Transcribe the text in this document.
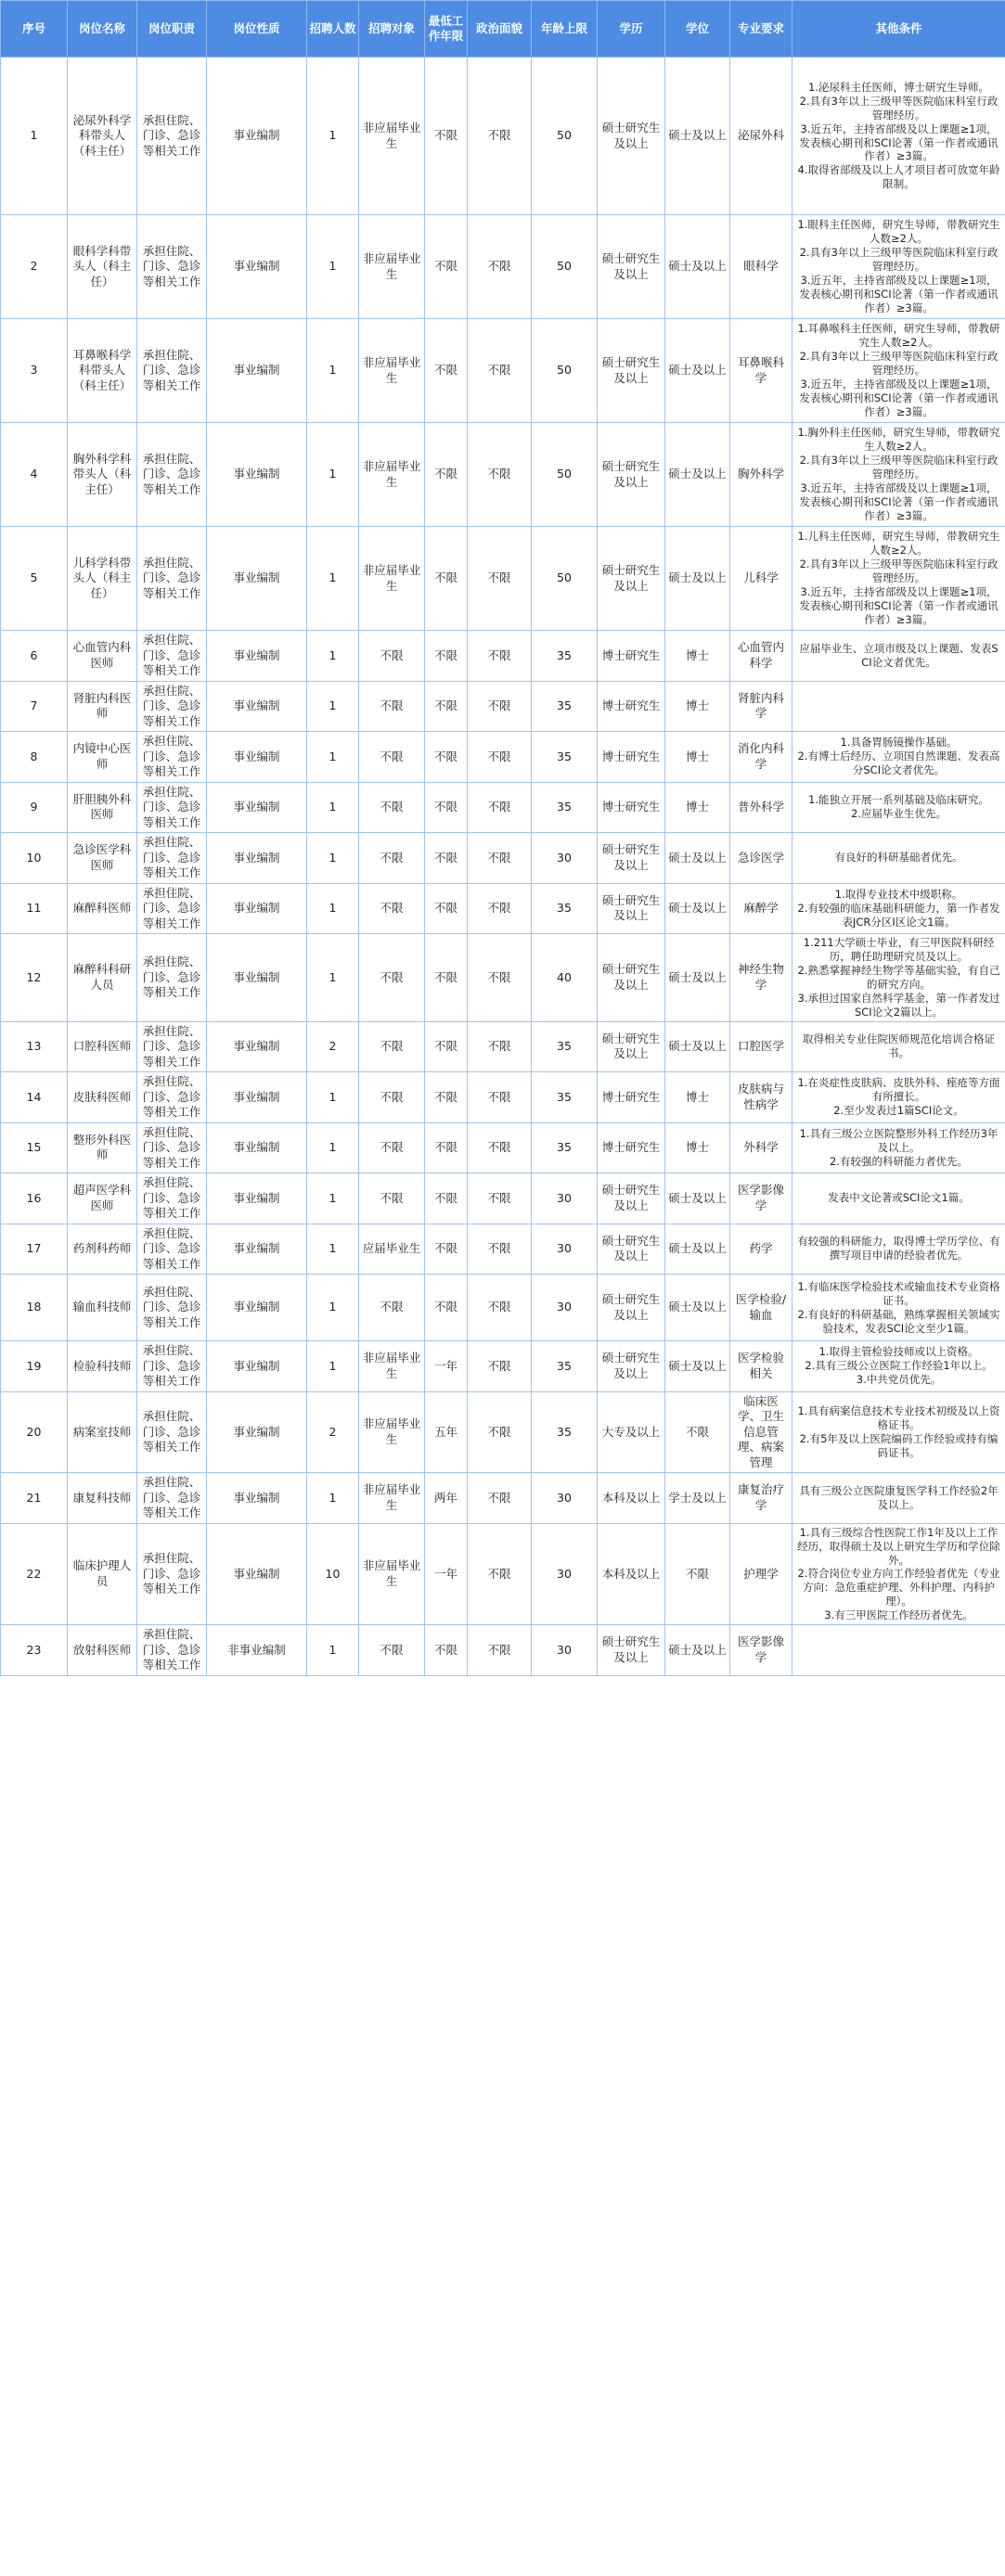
序号	岗位名称	岗位职责	岗位性质	招聘人数	招聘对象	最低工作年限	政治面貌	年龄上限	学历	学位	专业要求	其他条件
1	泌尿外科学科带头人（科主任）	承担住院、门诊、急诊等相关工作	事业编制	1	非应届毕业生	不限	不限	50	硕士研究生及以上	硕士及以上	泌尿外科	1.泌尿科主任医师，博士研究生导师。
2.具有3年以上三级甲等医院临床科室行政管理经历。
3.近五年，主持省部级及以上课题≥1项，发表核心期刊和SCI论著（第一作者或通讯作者）≥3篇。
4.取得省部级及以上人才项目者可放宽年龄限制。

2	眼科学科带头人（科主任）	承担住院、门诊、急诊等相关工作	事业编制	1	非应届毕业生	不限	不限	50	硕士研究生及以上	硕士及以上	眼科学	1.眼科主任医师，研究生导师，带教研究生人数≥2人。
2.具有3年以上三级甲等医院临床科室行政管理经历。
3.近五年，主持省部级及以上课题≥1项，发表核心期刊和SCI论著（第一作者或通讯作者）≥3篇。

3	耳鼻喉科学科带头人（科主任）	承担住院、门诊、急诊等相关工作	事业编制	1	非应届毕业生	不限	不限	50	硕士研究生及以上	硕士及以上	耳鼻喉科学	1.耳鼻喉科主任医师，研究生导师，带教研究生人数≥2人。
2.具有3年以上三级甲等医院临床科室行政管理经历。
3.近五年，主持省部级及以上课题≥1项，发表核心期刊和SCI论著（第一作者或通讯作者）≥3篇。

4	胸外科学科带头人（科主任）	承担住院、门诊、急诊等相关工作	事业编制	1	非应届毕业生	不限	不限	50	硕士研究生及以上	硕士及以上	胸外科学	1.胸外科主任医师，研究生导师，带教研究生人数≥2人。
2.具有3年以上三级甲等医院临床科室行政管理经历。
3.近五年，主持省部级及以上课题≥1项，发表核心期刊和SCI论著（第一作者或通讯作者）≥3篇。

5	儿科学科带头人（科主任）	承担住院、门诊、急诊等相关工作	事业编制	1	非应届毕业生	不限	不限	50	硕士研究生及以上	硕士及以上	儿科学	1.儿科主任医师，研究生导师，带教研究生人数≥2人。
2.具有3年以上三级甲等医院临床科室行政管理经历。
3.近五年，主持省部级及以上课题≥1项，发表核心期刊和SCI论著（第一作者或通讯作者）≥3篇。

6	心血管内科医师	承担住院、门诊、急诊等相关工作	事业编制	1	不限	不限	不限	35	博士研究生	博士	心血管内科学	应届毕业生、立项市级及以上课题、发表SCI论文者优先。

7	肾脏内科医师	承担住院、门诊、急诊等相关工作	事业编制	1	不限	不限	不限	35	博士研究生	博士	肾脏内科学	
8	内镜中心医师	承担住院、门诊、急诊等相关工作	事业编制	1	不限	不限	不限	35	博士研究生	博士	消化内科学	1.具备胃肠镜操作基础。
2.有博士后经历、立项国自然课题、发表高分SCI论文者优先。

9	肝胆胰外科医师	承担住院、门诊、急诊等相关工作	事业编制	1	不限	不限	不限	35	博士研究生	博士	普外科学	1.能独立开展一系列基础及临床研究。
2.应届毕业生优先。

10	急诊医学科医师	承担住院、门诊、急诊等相关工作	事业编制	1	不限	不限	不限	30	硕士研究生及以上	硕士及以上	急诊医学	有良好的科研基础者优先。

11	麻醉科医师	承担住院、门诊、急诊等相关工作	事业编制	1	不限	不限	不限	35	硕士研究生及以上	硕士及以上	麻醉学	1.取得专业技术中级职称。
2.有较强的临床基础科研能力，第一作者发表JCR分区Ⅰ区论文1篇。

12	麻醉科科研人员	承担住院、门诊、急诊等相关工作	事业编制	1	不限	不限	不限	40	硕士研究生及以上	硕士及以上	神经生物学	1.211大学硕士毕业，有三甲医院科研经历，聘任助理研究员及以上。
2.熟悉掌握神经生物学等基础实验，有自己的研究方向。
3.承担过国家自然科学基金，第一作者发过SCI论文2篇以上。

13	口腔科医师	承担住院、门诊、急诊等相关工作	事业编制	2	不限	不限	不限	35	硕士研究生及以上	硕士及以上	口腔医学	取得相关专业住院医师规范化培训合格证书。

14	皮肤科医师	承担住院、门诊、急诊等相关工作	事业编制	1	不限	不限	不限	35	博士研究生	博士	皮肤病与性病学	1.在炎症性皮肤病、皮肤外科、痤疮等方面有所擅长。
2.至少发表过1篇SCI论文。

15	整形外科医师	承担住院、门诊、急诊等相关工作	事业编制	1	不限	不限	不限	35	博士研究生	博士	外科学	1.具有三级公立医院整形外科工作经历3年及以上。
2.有较强的科研能力者优先。

16	超声医学科医师	承担住院、门诊、急诊等相关工作	事业编制	1	不限	不限	不限	30	硕士研究生及以上	硕士及以上	医学影像学	发表中文论著或SCI论文1篇。

17	药剂科药师	承担住院、门诊、急诊等相关工作	事业编制	1	应届毕业生	不限	不限	30	硕士研究生及以上	硕士及以上	药学	有较强的科研能力，取得博士学历学位、有撰写项目申请的经验者优先。

18	输血科技师	承担住院、门诊、急诊等相关工作	事业编制	1	不限	不限	不限	30	硕士研究生及以上	硕士及以上	医学检验/输血	1.有临床医学检验技术或输血技术专业资格证书。
2.有良好的科研基础，熟练掌握相关领域实验技术，发表SCI论文至少1篇。

19	检验科技师	承担住院、门诊、急诊等相关工作	事业编制	1	非应届毕业生	一年	不限	35	硕士研究生及以上	硕士及以上	医学检验相关	1.取得主管检验技师或以上资格。
2.具有三级公立医院工作经验1年以上。
3.中共党员优先。

20	病案室技师	承担住院、门诊、急诊等相关工作	事业编制	2	非应届毕业生	五年	不限	35	大专及以上	不限	临床医学、卫生信息管理、病案管理	1.具有病案信息技术专业技术初级及以上资格证书。
2.有5年及以上医院编码工作经验或持有编码证书。

21	康复科技师	承担住院、门诊、急诊等相关工作	事业编制	1	非应届毕业生	两年	不限	30	本科及以上	学士及以上	康复治疗学	具有三级公立医院康复医学科工作经验2年及以上。

22	临床护理人员	承担住院、门诊、急诊等相关工作	事业编制	10	非应届毕业生	一年	不限	30	本科及以上	不限	护理学	1.具有三级综合性医院工作1年及以上工作经历，取得硕士及以上研究生学历和学位除外。
2.符合岗位专业方向工作经验者优先（专业方向：急危重症护理、外科护理、内科护理）。
3.有三甲医院工作经历者优先。

23	放射科医师	承担住院、门诊、急诊等相关工作	非事业编制	1	不限	不限	不限	30	硕士研究生及以上	硕士及以上	医学影像学	
